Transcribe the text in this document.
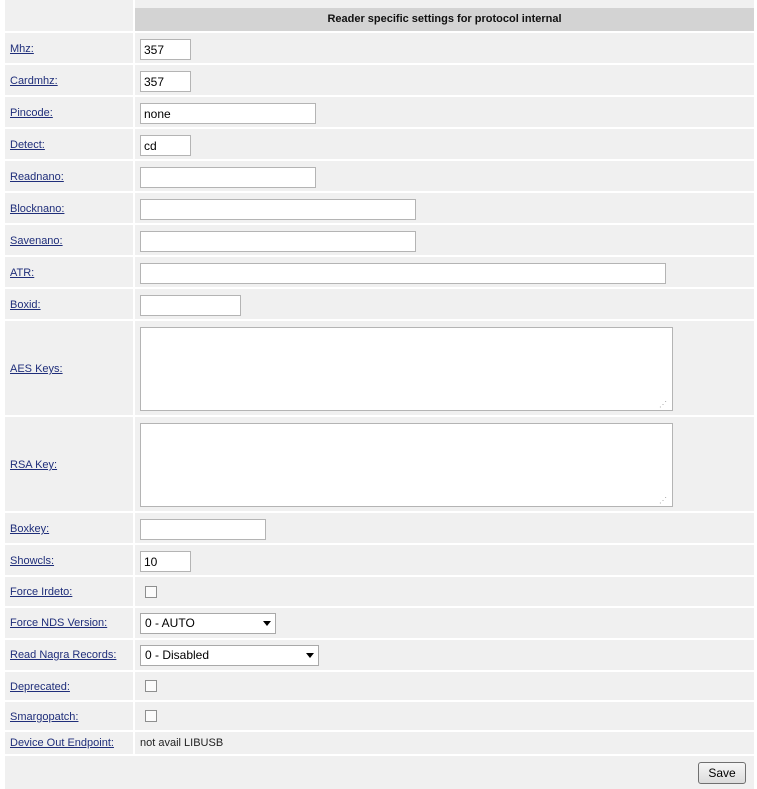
Reader specific settings for protocol internal
Mhz:
357
Cardmhz:
357
Pincode:
none
Detect:
cd
Readnano:
Blocknano:
Savenano:
ATR:
Boxid:
AES Keys:
⋰
RSA Key:
⋰
Boxkey:
Showcls:
10
Force Irdeto:
Force NDS Version:	0 - AUTO
Read Nagra Records:	0 - Disabled
Deprecated:
Smargopatch:
Device Out Endpoint: not avail LIBUSB
Save
